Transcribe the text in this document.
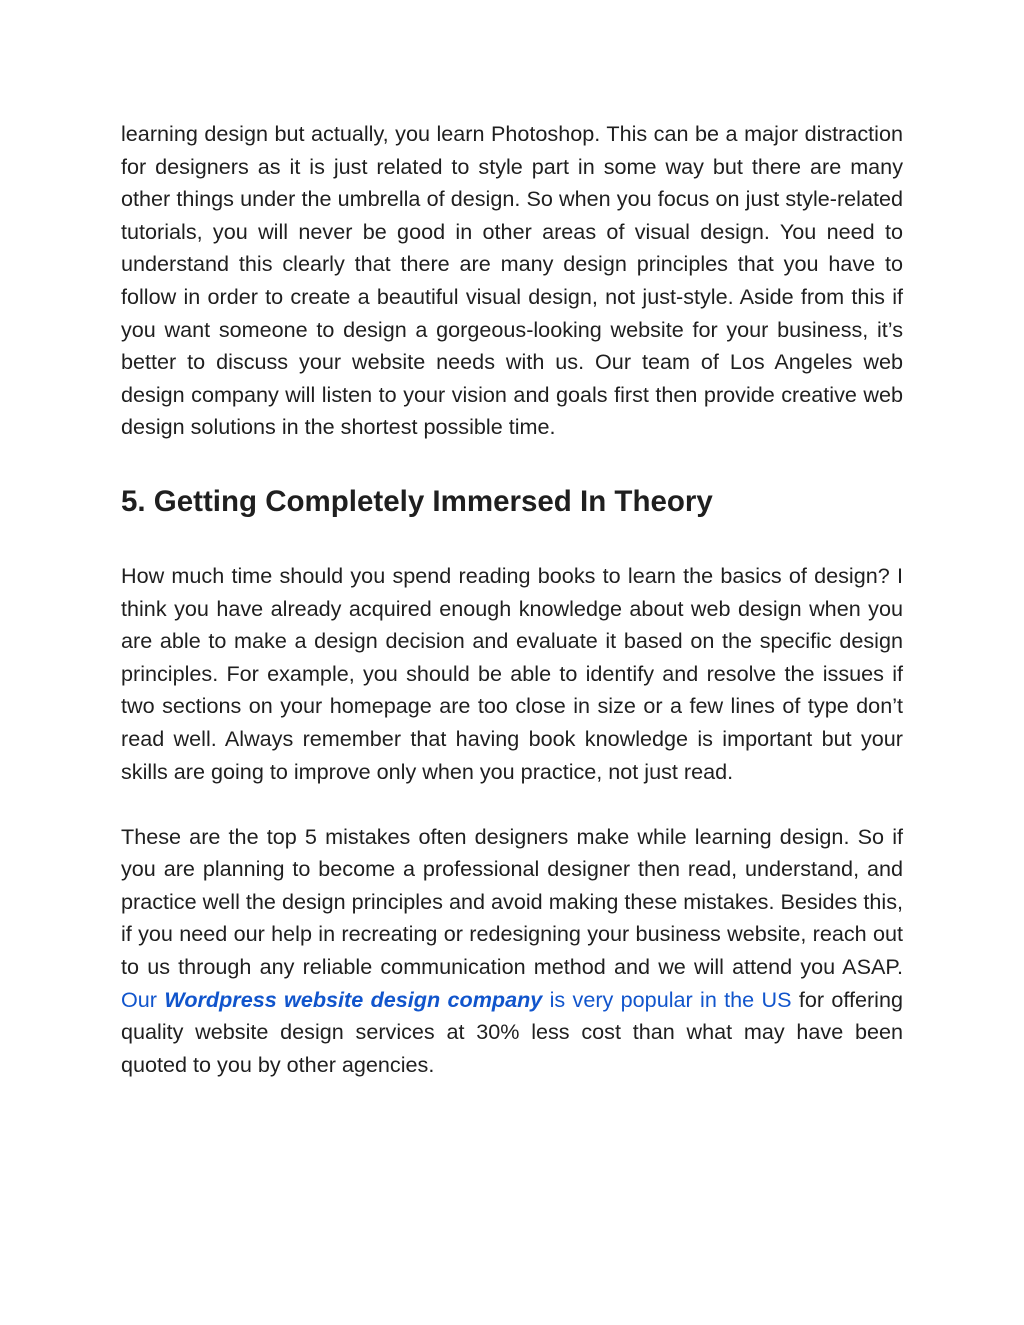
learning design but actually, you learn Photoshop. This can be a major distraction for designers as it is just related to style part in some way but there are many other things under the umbrella of design. So when you focus on just style-related tutorials, you will never be good in other areas of visual design. You need to understand this clearly that there are many design principles that you have to follow in order to create a beautiful visual design, not just-style. Aside from this if you want someone to design a gorgeous-looking website for your business, it’s better to discuss your website needs with us. Our team of Los Angeles web design company will listen to your vision and goals first then provide creative web design solutions in the shortest possible time.

5. Getting Completely Immersed In Theory

How much time should you spend reading books to learn the basics of design? I think you have already acquired enough knowledge about web design when you are able to make a design decision and evaluate it based on the specific design principles. For example, you should be able to identify and resolve the issues if two sections on your homepage are too close in size or a few lines of type don’t read well. Always remember that having book knowledge is important but your skills are going to improve only when you practice, not just read.

These are the top 5 mistakes often designers make while learning design. So if you are planning to become a professional designer then read, understand, and practice well the design principles and avoid making these mistakes. Besides this, if you need our help in recreating or redesigning your business website, reach out to us through any reliable communication method and we will attend you ASAP. Our Wordpress website design company is very popular in the US for offering quality website design services at 30% less cost than what may have been quoted to you by other agencies.
